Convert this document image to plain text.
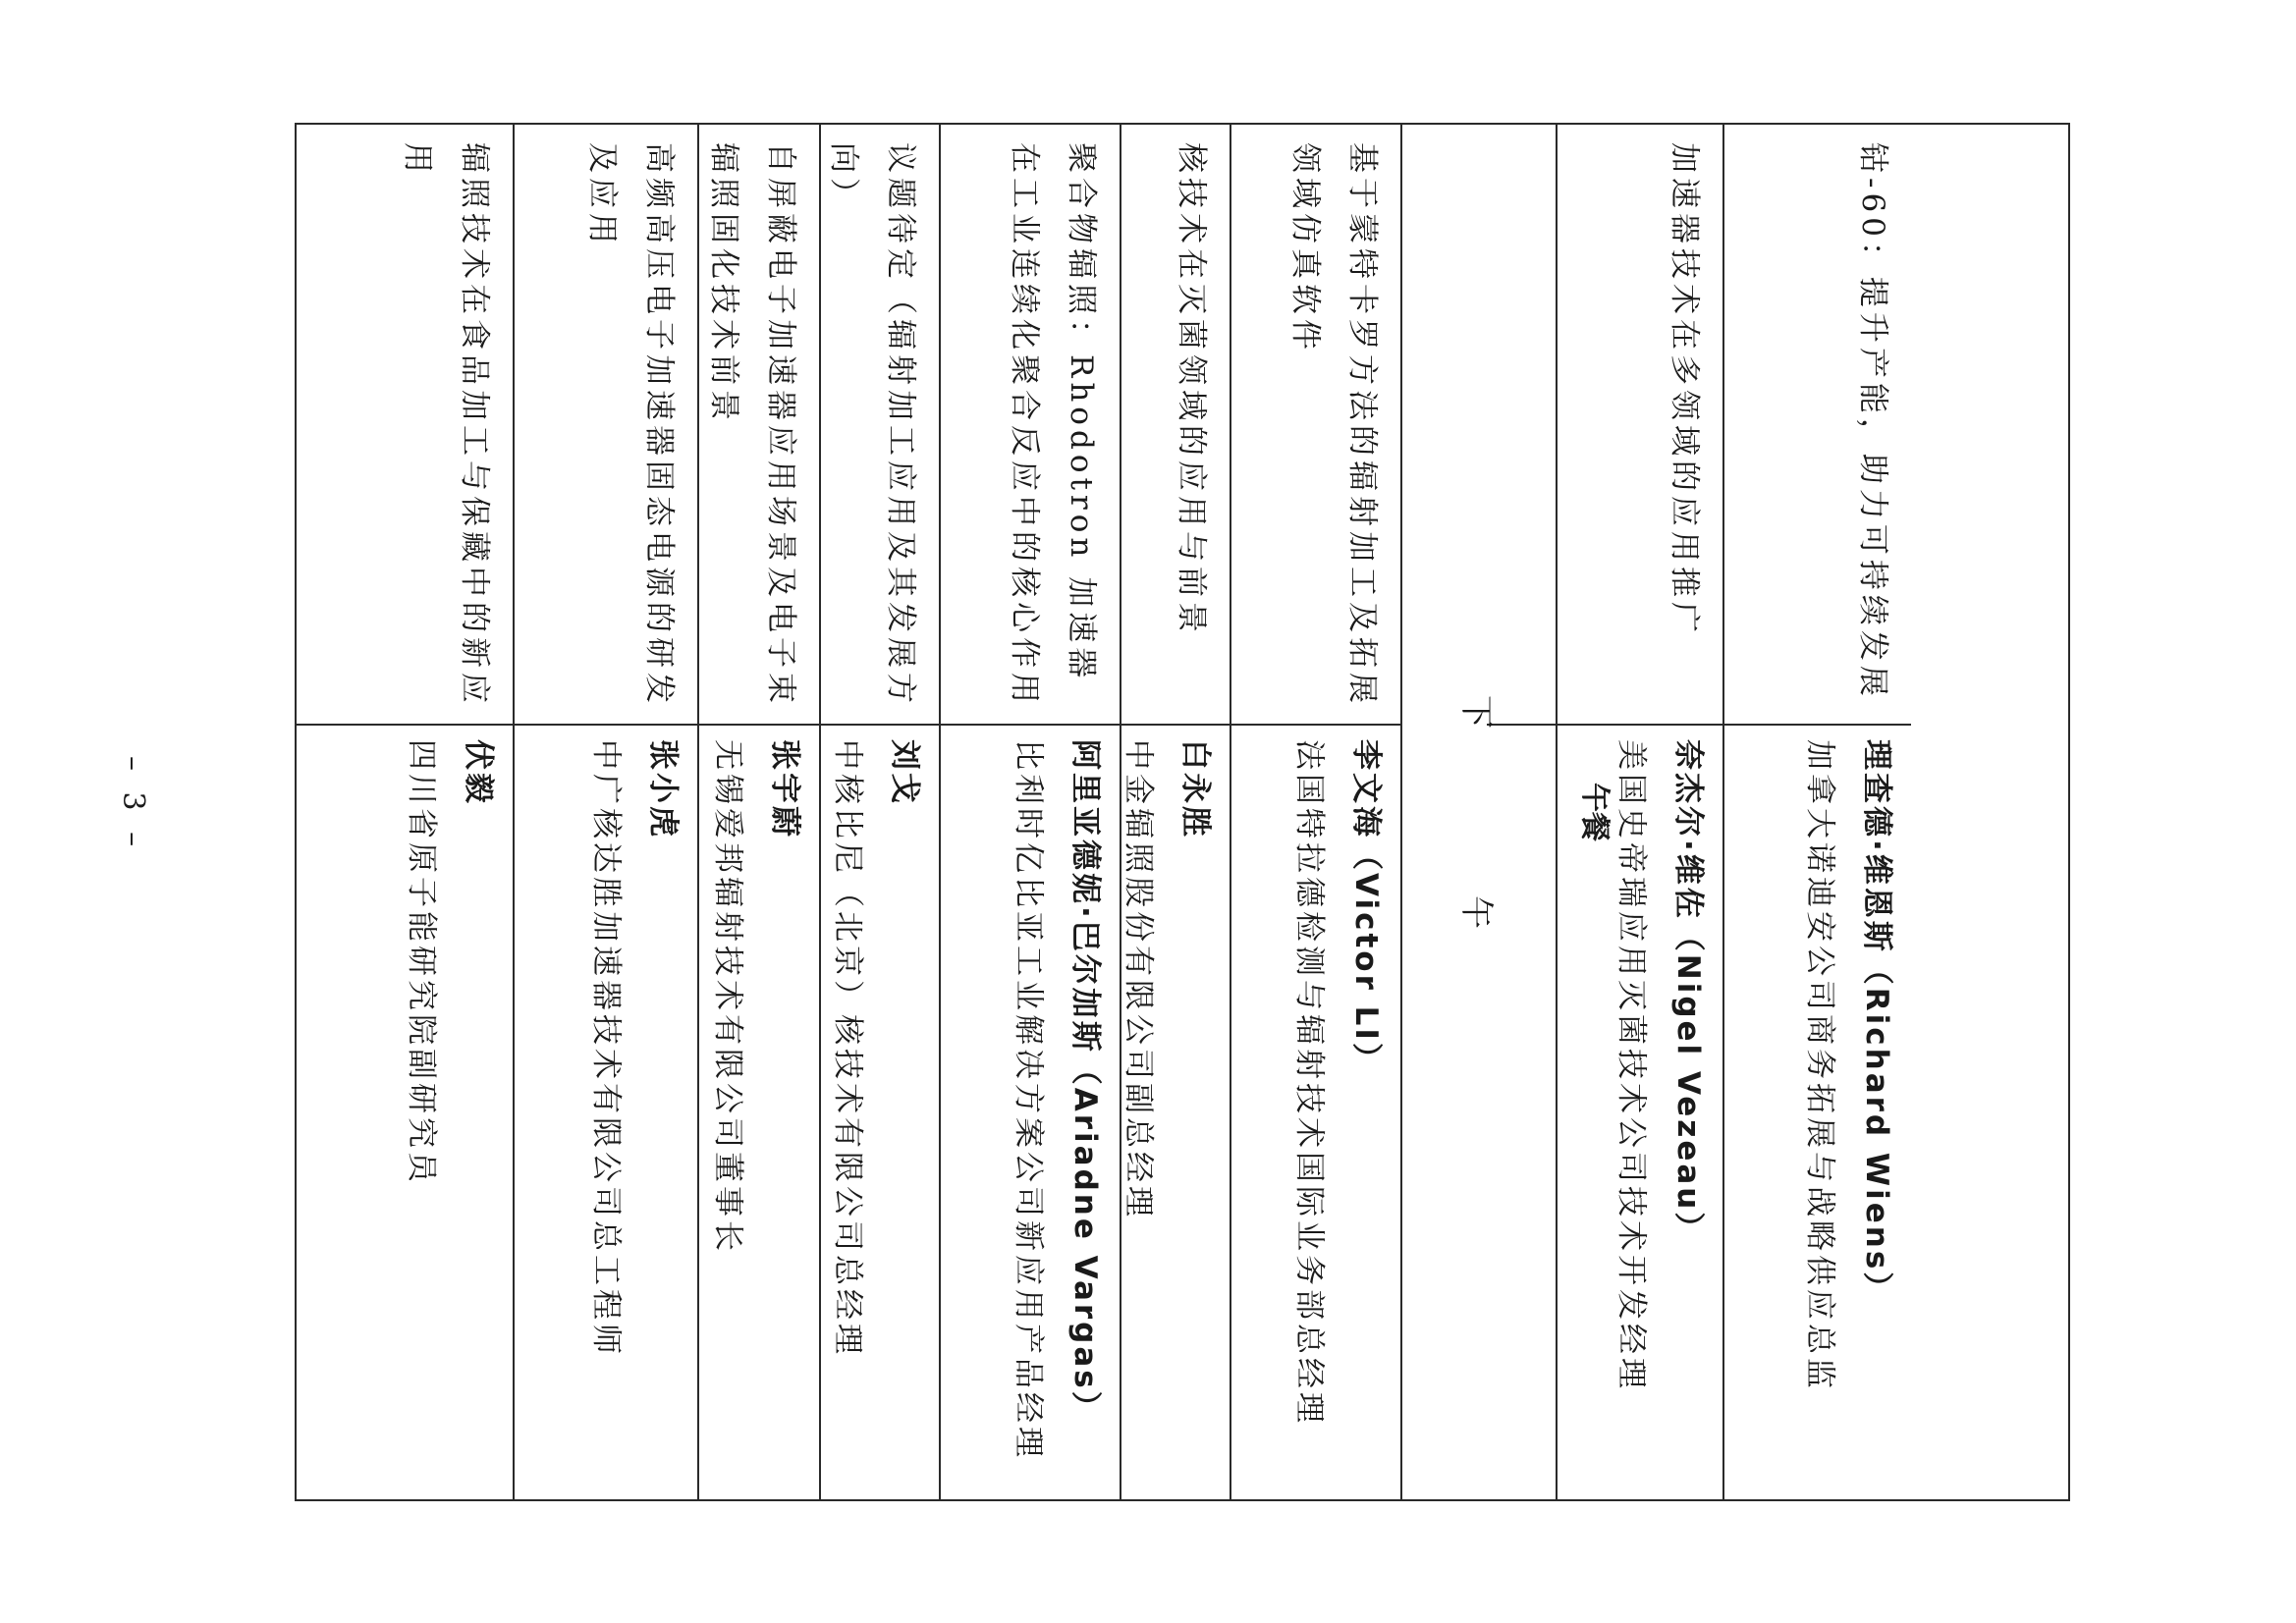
– 3 –
钴-60：提升产能，助力可持续发展
理查德·维恩斯（Richard Wiens）
加拿大诺迪安公司商务拓展与战略供应总监
加速器技术在多领域的应用推广
奈杰尔·维佐（Nigel Vezeau）
美国史帝瑞应用灭菌技术公司技术开发经理
午餐
下午
基于蒙特卡罗方法的辐射加工及拓展领域仿真软件
李文海（Victor LI）
法国特拉德检测与辐射技术国际业务部总经理
核技术在灭菌领域的应用与前景
白永胜
中金辐照股份有限公司副总经理
聚合物辐照：Rhodotron 加速器在工业连续化聚合反应中的核心作用
阿里亚德妮·巴尔加斯（Ariadne Vargas）
比利时亿比亚工业解决方案公司新应用产品经理
议题待定（辐射加工应用及其发展方向）
刘戈
中核比尼（北京）核技术有限公司总经理
自屏蔽电子加速器应用场景及电子束辐照固化技术前景
张宇蔚
无锡爱邦辐射技术有限公司董事长
高频高压电子加速器固态电源的研发及应用
张小虎
中广核达胜加速器技术有限公司总工程师
辐照技术在食品加工与保藏中的新应用
伏毅
四川省原子能研究院副研究员
